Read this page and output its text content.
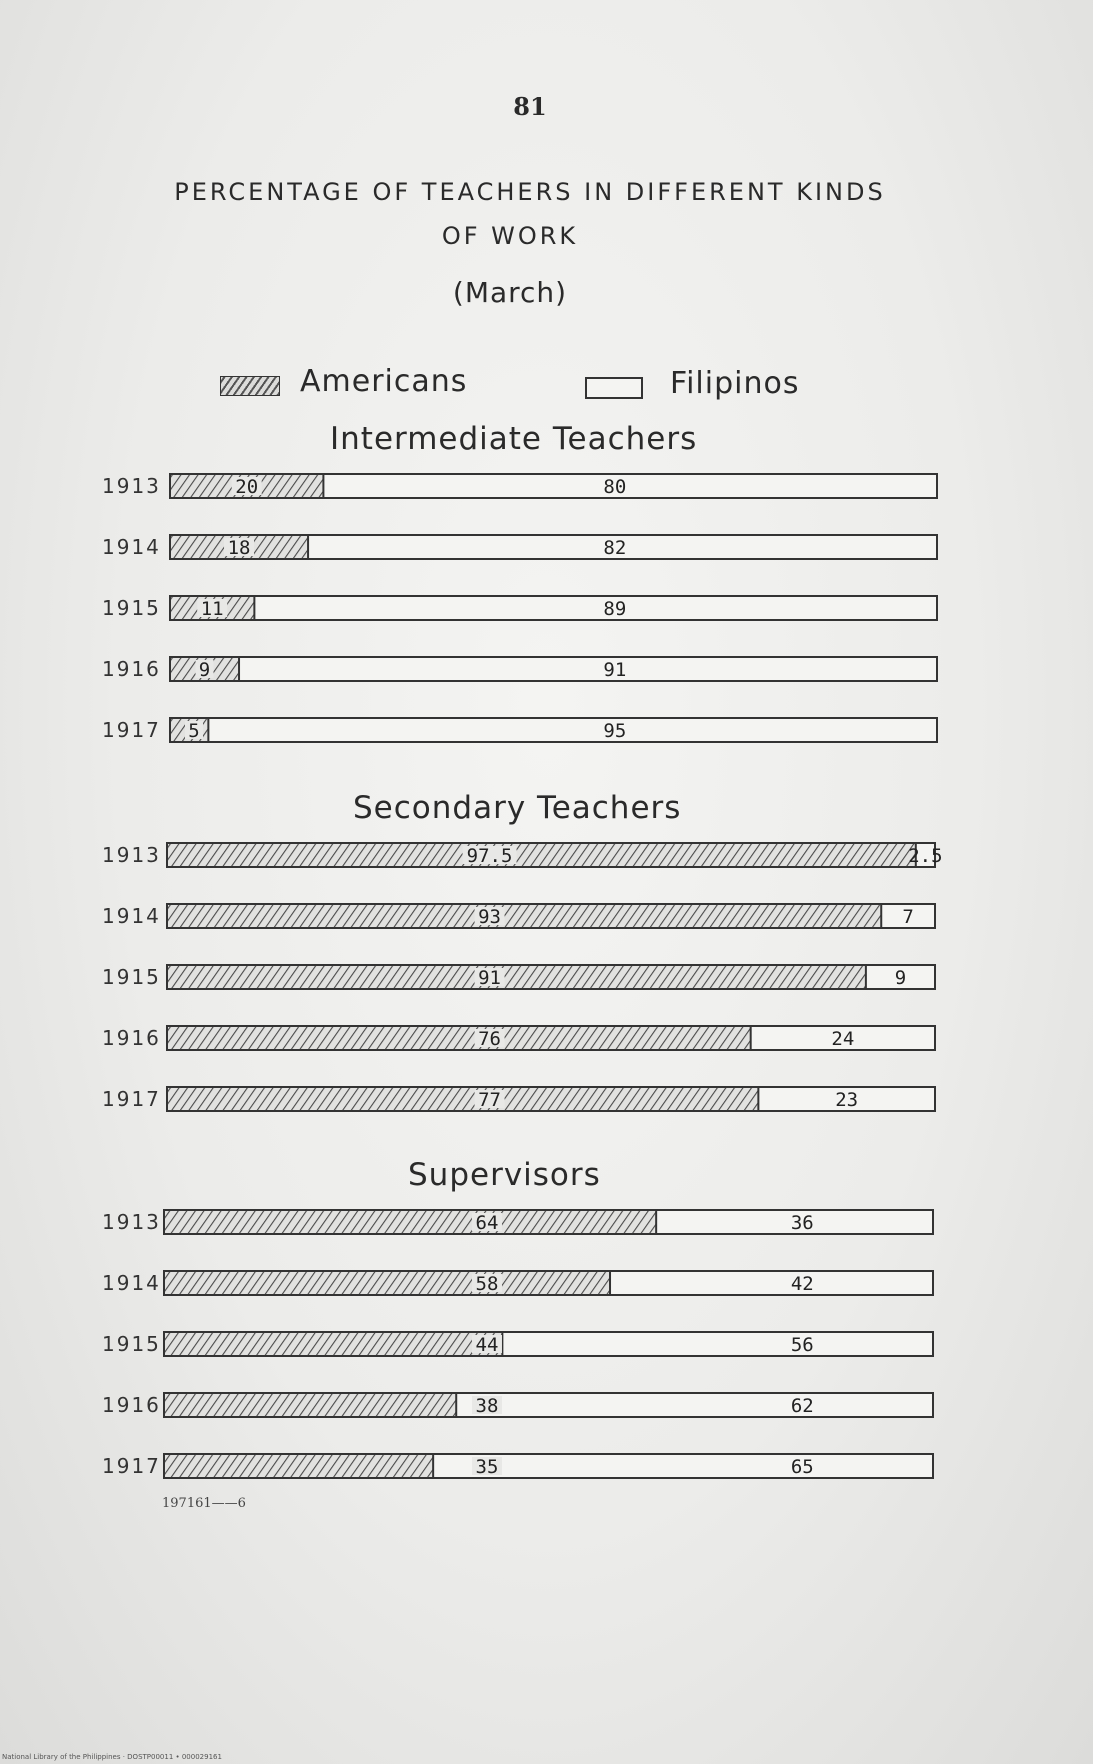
81
PERCENTAGE OF TEACHERS IN DIFFERENT KINDS
OF WORK
(March)
Americans	Filipinos
Intermediate Teachers
Secondary Teachers
Supervisors
1913	20	80
1914	18	82
1915 11	89
1916 9	91
1917 5	95
1913	97.5	2.5
1914	93	7
1915	91	9
1916	76	24
1917	77	23
1913	64	36
1914	58	42
1915	44	56
1916	38	62
1917	35	65
197161——6
National Library of the Philippines · DOSTP00011 • 000029161
